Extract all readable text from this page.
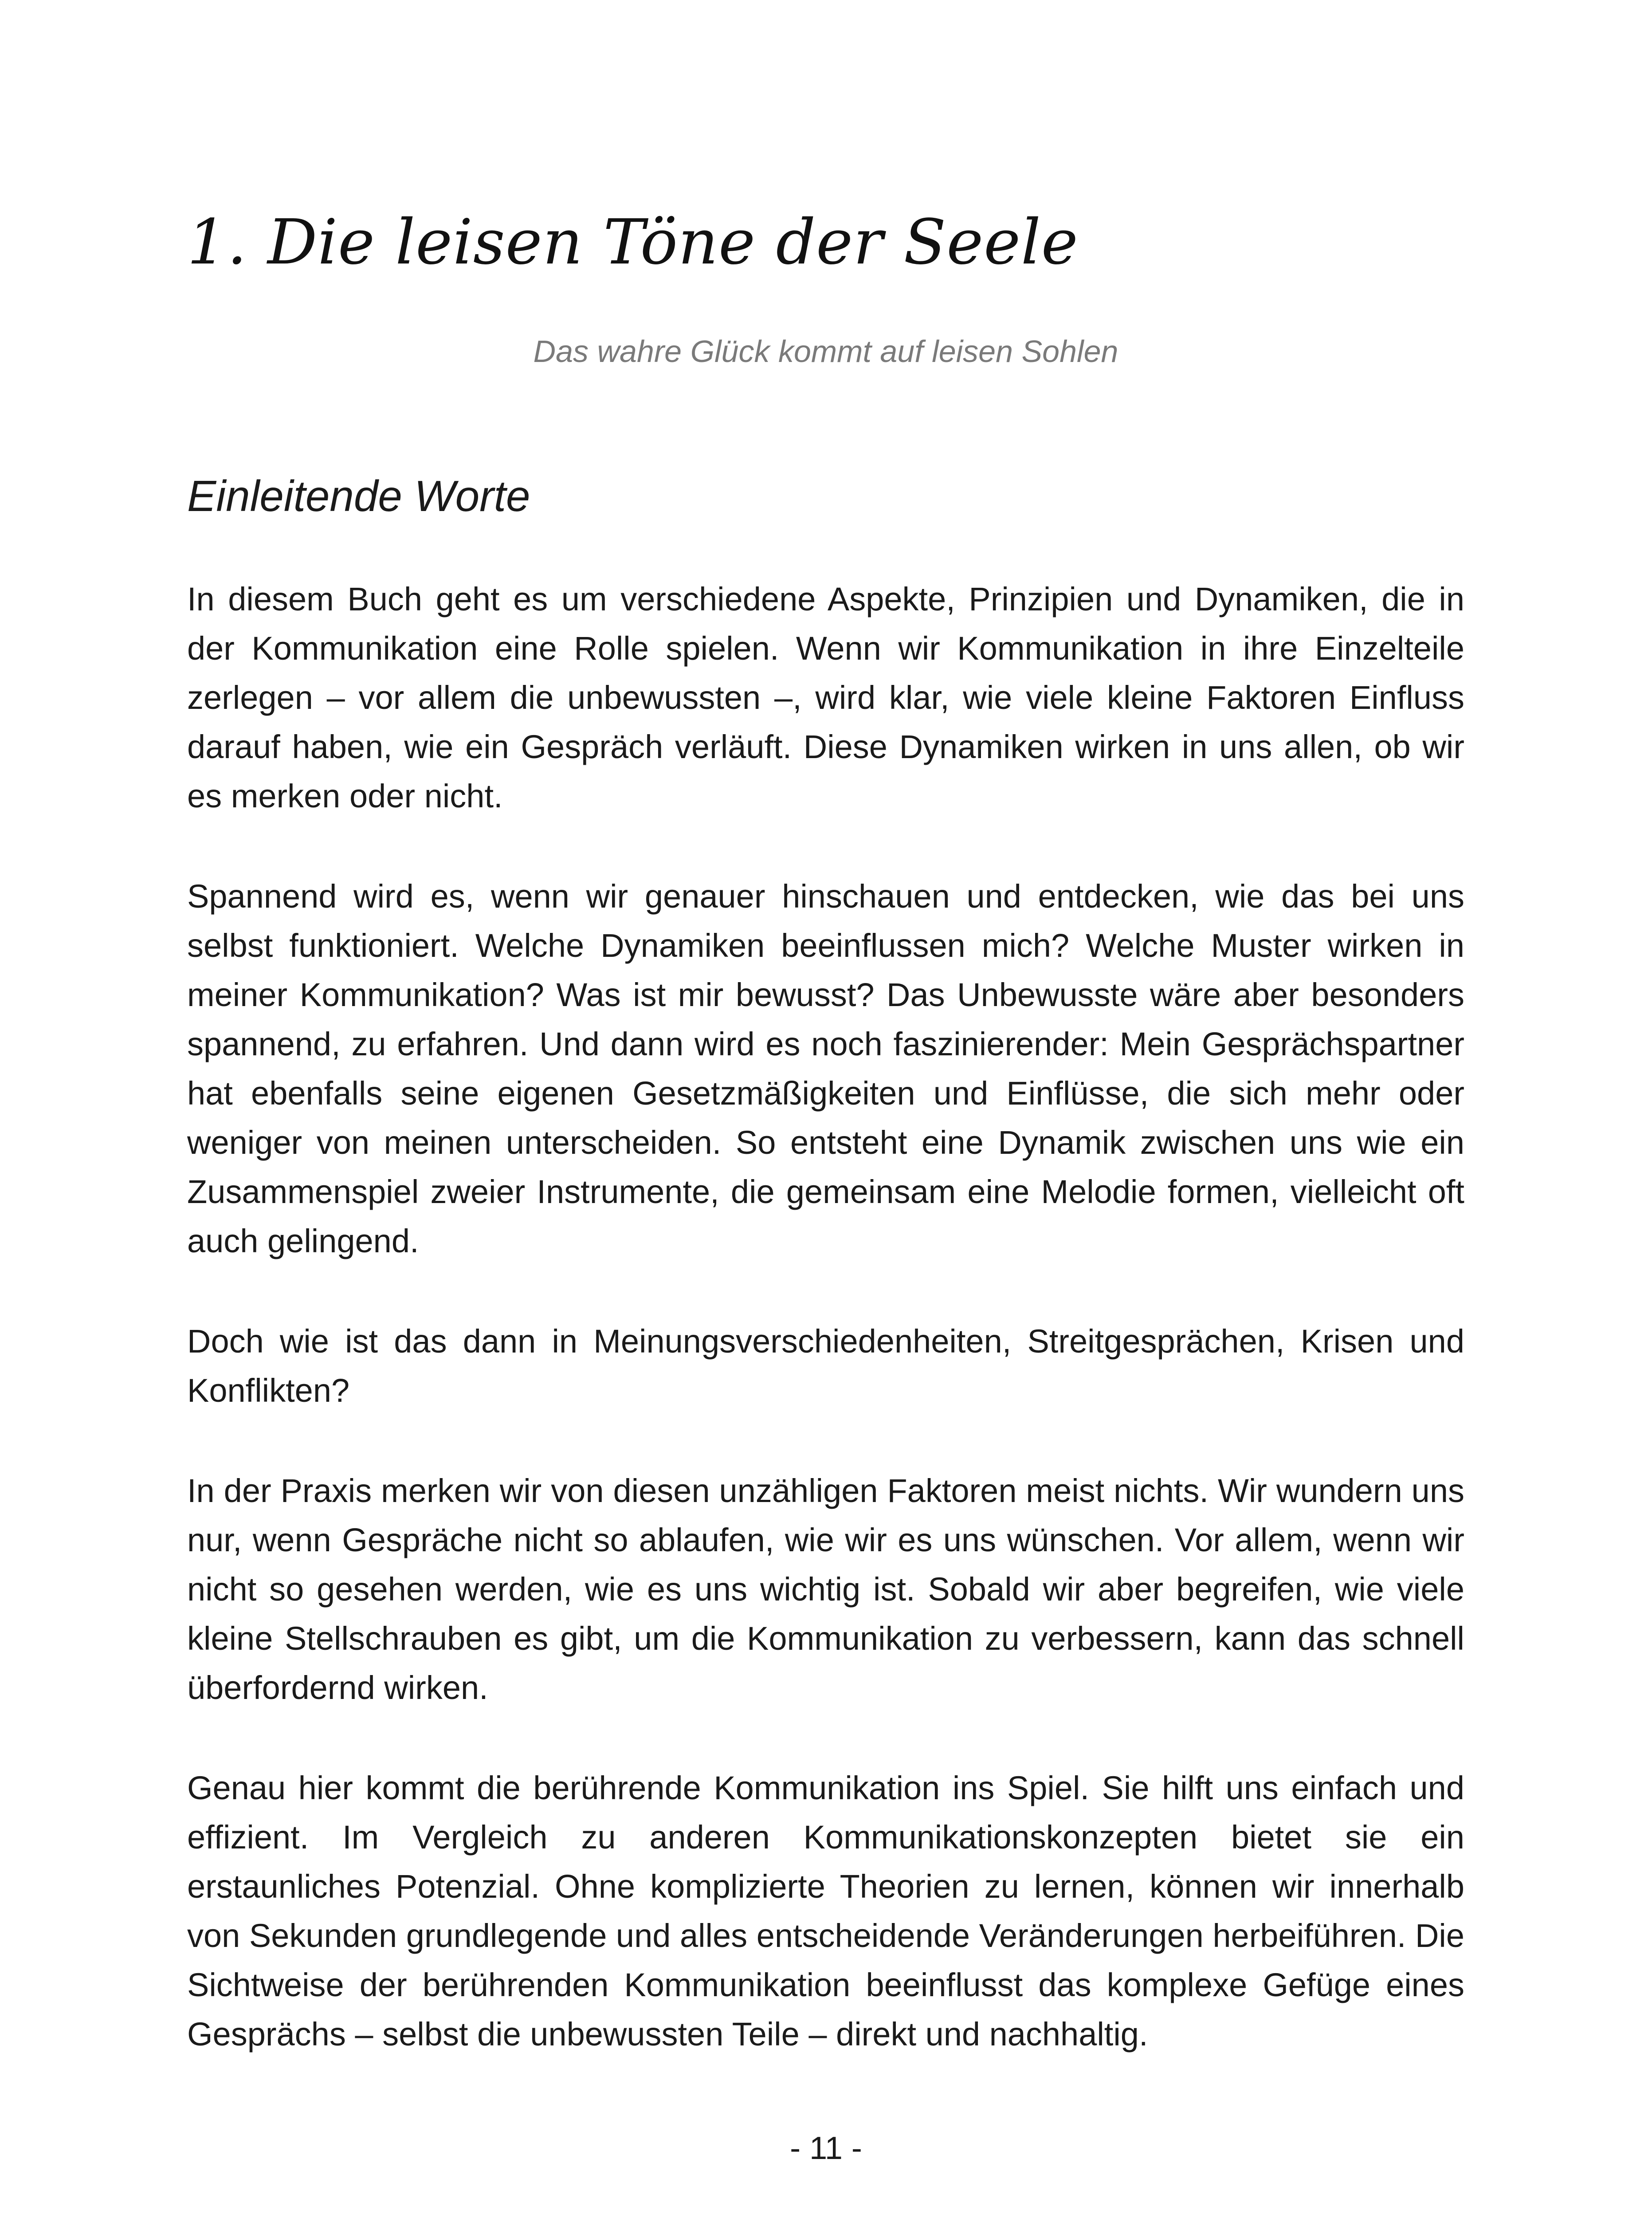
1. Die leisen Töne der Seele

Das wahre Glück kommt auf leisen Sohlen

Einleitende Worte

In diesem Buch geht es um verschiedene Aspekte, Prinzipien und Dynamiken, die in der Kommunikation eine Rolle spielen. Wenn wir Kommunikation in ihre Einzelteile zerlegen – vor allem die unbewussten –, wird klar, wie viele kleine Faktoren Einfluss darauf haben, wie ein Gespräch verläuft. Diese Dynamiken wirken in uns allen, ob wir es merken oder nicht.

Spannend wird es, wenn wir genauer hinschauen und entdecken, wie das bei uns selbst funktioniert. Welche Dynamiken beeinflussen mich? Welche Muster wirken in meiner Kommunikation? Was ist mir bewusst? Das Unbewusste wäre aber besonders spannend, zu erfahren. Und dann wird es noch faszinierender: Mein Gesprächspartner hat ebenfalls seine eigenen Gesetzmäßigkeiten und Einflüsse, die sich mehr oder weniger von meinen unterscheiden. So entsteht eine Dynamik zwischen uns wie ein Zusammenspiel zweier Instrumente, die gemeinsam eine Melodie formen, vielleicht oft auch gelingend.

Doch wie ist das dann in Meinungsverschiedenheiten, Streitgesprächen, Krisen und Konflikten?

In der Praxis merken wir von diesen unzähligen Faktoren meist nichts. Wir wundern uns nur, wenn Gespräche nicht so ablaufen, wie wir es uns wünschen. Vor allem, wenn wir nicht so gesehen werden, wie es uns wichtig ist. Sobald wir aber begreifen, wie viele kleine Stellschrauben es gibt, um die Kommunikation zu verbessern, kann das schnell überfordernd wirken.

Genau hier kommt die berührende Kommunikation ins Spiel. Sie hilft uns einfach und effizient. Im Vergleich zu anderen Kommunikationskonzepten bietet sie ein erstaunliches Potenzial. Ohne komplizierte Theorien zu lernen, können wir innerhalb von Sekunden grundlegende und alles entscheidende Veränderungen herbeiführen. Die Sichtweise der berührenden Kommunikation beeinflusst das komplexe Gefüge eines Gesprächs – selbst die unbewussten Teile – direkt und nachhaltig.

- 11 -
